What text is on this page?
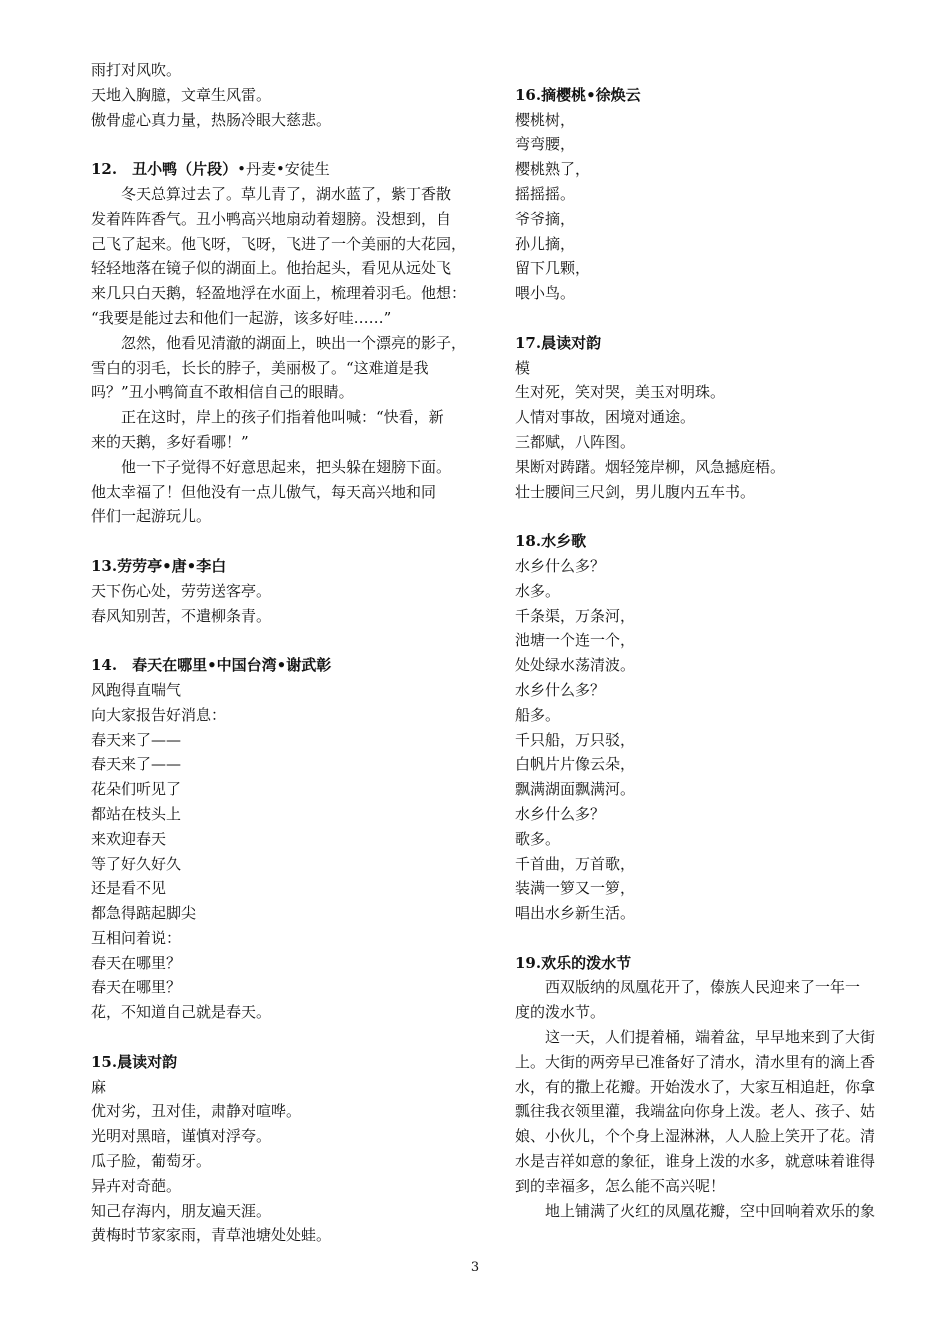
雨打对风吹。
天地入胸臆，文章生风雷。
傲骨虚心真力量，热肠冷眼大慈悲。
12.　丑小鸭（片段）•丹麦•安徒生
冬天总算过去了。草儿青了，湖水蓝了，紫丁香散
发着阵阵香气。丑小鸭高兴地扇动着翅膀。没想到，自
己飞了起来。他飞呀，飞呀，飞进了一个美丽的大花园，
轻轻地落在镜子似的湖面上。他抬起头，看见从远处飞
来几只白天鹅，轻盈地浮在水面上，梳理着羽毛。他想：
“我要是能过去和他们一起游，该多好哇……”
忽然，他看见清澈的湖面上，映出一个漂亮的影子，
雪白的羽毛，长长的脖子，美丽极了。“这难道是我
吗？”丑小鸭简直不敢相信自己的眼睛。
正在这时，岸上的孩子们指着他叫喊：“快看，新
来的天鹅，多好看哪！”
他一下子觉得不好意思起来，把头躲在翅膀下面。
他太幸福了！但他没有一点儿傲气，每天高兴地和同
伴们一起游玩儿。
13.劳劳亭•唐•李白
天下伤心处，劳劳送客亭。
春风知别苦，不遣柳条青。
14.　春天在哪里•中国台湾•谢武彰
风跑得直喘气
向大家报告好消息：
春天来了——
春天来了——
花朵们听见了
都站在枝头上
来欢迎春天
等了好久好久
还是看不见
都急得踮起脚尖
互相问着说：
春天在哪里？
春天在哪里？
花，不知道自己就是春天。
15.晨读对韵
麻
优对劣，丑对佳，肃静对喧哗。
光明对黑暗，谨慎对浮夸。
瓜子脸，葡萄牙。
异卉对奇葩。
知己存海内，朋友遍天涯。
黄梅时节家家雨，青草池塘处处蛙。
16.摘樱桃•徐焕云
樱桃树，
弯弯腰，
樱桃熟了，
摇摇摇。
爷爷摘，
孙儿摘，
留下几颗，
喂小鸟。
17.晨读对韵
模
生对死，笑对哭，美玉对明珠。
人情对事故，困境对通途。
三都赋，八阵图。
果断对踌躇。烟轻笼岸柳，风急撼庭梧。
壮士腰间三尺剑，男儿腹内五车书。
18.水乡歌
水乡什么多？
水多。
千条渠，万条河，
池塘一个连一个，
处处绿水荡清波。
水乡什么多？
船多。
千只船，万只驳，
白帆片片像云朵，
飘满湖面飘满河。
水乡什么多？
歌多。
千首曲，万首歌，
装满一箩又一箩，
唱出水乡新生活。
19.欢乐的泼水节
西双版纳的凤凰花开了，傣族人民迎来了一年一
度的泼水节。
这一天，人们提着桶，端着盆，早早地来到了大街
上。大街的两旁早已准备好了清水，清水里有的滴上香
水，有的撒上花瓣。开始泼水了，大家互相追赶，你拿
瓢往我衣领里灌，我端盆向你身上泼。老人、孩子、姑
娘、小伙儿，个个身上湿淋淋，人人脸上笑开了花。清
水是吉祥如意的象征，谁身上泼的水多，就意味着谁得
到的幸福多，怎么能不高兴呢！
地上铺满了火红的凤凰花瓣，空中回响着欢乐的象
3
